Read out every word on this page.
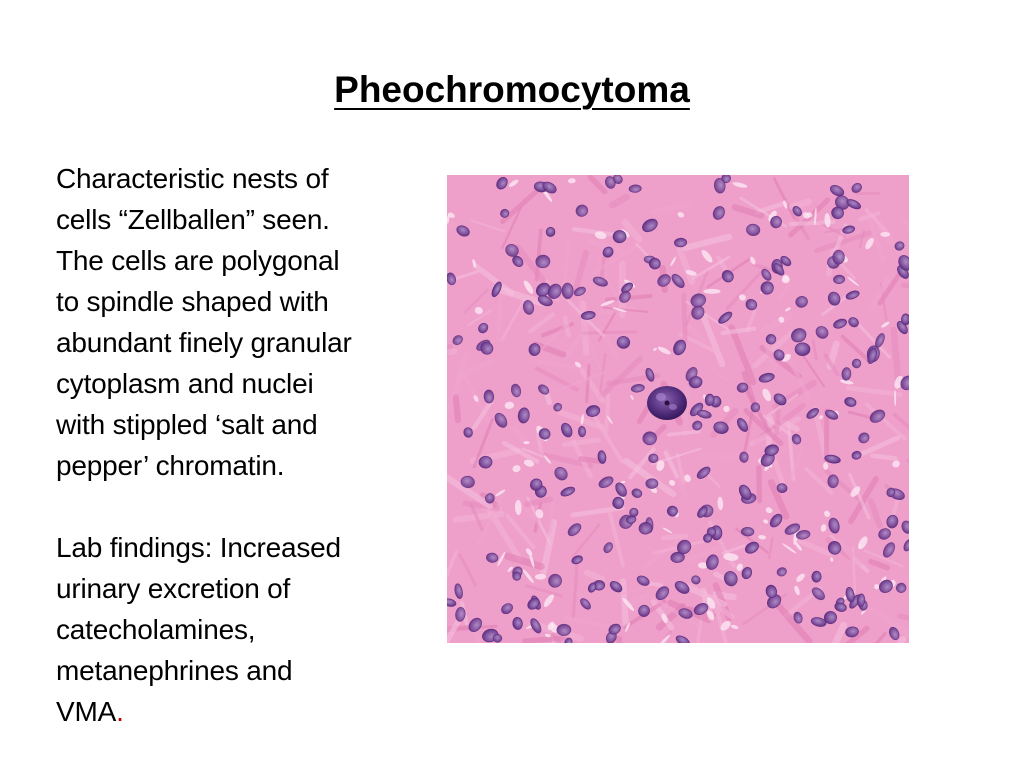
Pheochromocytoma

Characteristic nests of

cells “Zellballen” seen.

The cells are polygonal

to spindle shaped with

abundant finely granular

cytoplasm and nuclei

with stippled ‘salt and

pepper’ chromatin.

Lab findings: Increased

urinary excretion of

catecholamines,

metanephrines and

VMA.
